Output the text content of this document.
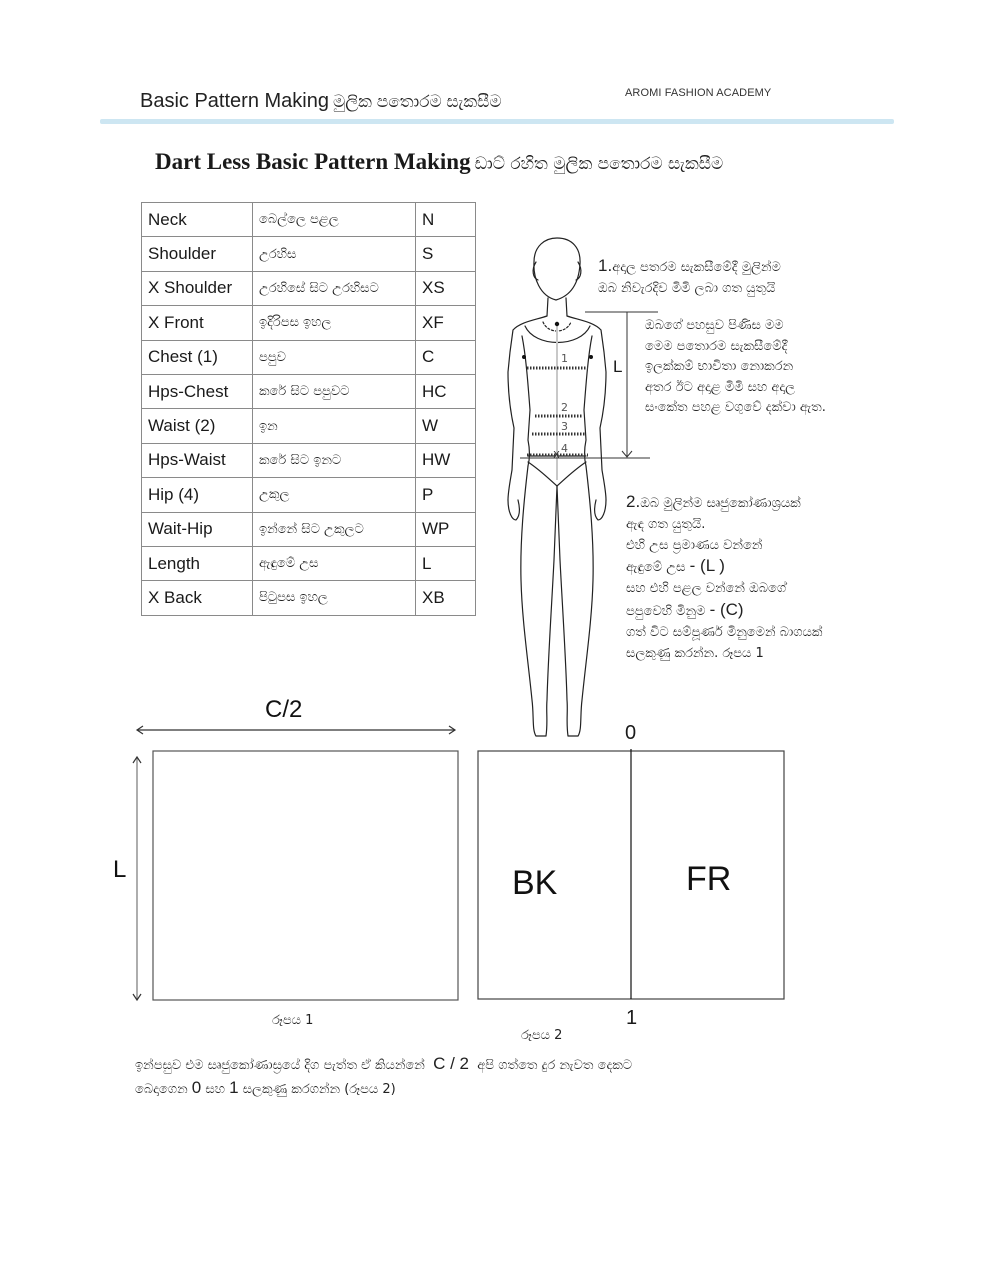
Basic Pattern Making මුලික පතොරම සැකසීම	AROMI FASHION ACADEMY
Dart Less Basic Pattern Making ඩාට් රහිත මුලික පතොරම සැකසීම
Neck	බෙල්ලෙ පළල	N
Shoulder	උරහිස	S
X Shoulder	උරහිසේ සිට උරහිසට	XS
X Front	ඉදිරිපස ඉහල	XF
Chest (1)	පපුව	C
Hps-Chest	කරේ සිට පපුවට	HC
Waist (2)	ඉන	W
Hps-Waist	කරේ සිට ඉනට	HW
Hip (4)	උකුල	P
Wait-Hip	ඉන්නේ සිට උකුලට	WP
Length	ඇඳුමේ උස	L
X Back	පිටුපස ඉහල	XB
1
2
3
4
X
L
1.අදාල පතරම සැකසීමේදී මුලින්ම
ඔබ නිවැරදිව මිමි ලබා ගත යුතුයි
ඔබගේ පහසුව පිණිස මම
මෙම පතොරම සැකසීමේදී
ඉලක්කම් භාවිතා නොකරන
අතර ඊට අදාළ මිමි සහ අදාල
සංකේත පහළ වගුවේ දක්වා ඇත.
2.ඔබ මුලින්ම සෘජුකෝණාශ්‍රයක්
ඇඳ ගත යුතුයි.
එහි උස ප්‍රමාණය වන්නේ
ඇඳුමේ උස - (L )
සහ එහි පළල වන්නේ ඔබගේ
පපුවෙහි මිනුම - (C)
ගත් විට සම්පූර්ණ මිනුමෙන් බාගයක්
සලකුණු කරන්න. රූපය 1
C/2
L
රූපය 1
0
BK	FR
1
රූපය 2
ඉන්පසුව එම සෘජුකෝණාස්‍රයේ දිග පැත්ත ඒ කියන්නේ C / 2 අපි ගත්තෙ දුර නැවත දෙකට
බෙදාගෙන 0 සහ 1 සලකුණු කරගන්න (රූපය 2)
